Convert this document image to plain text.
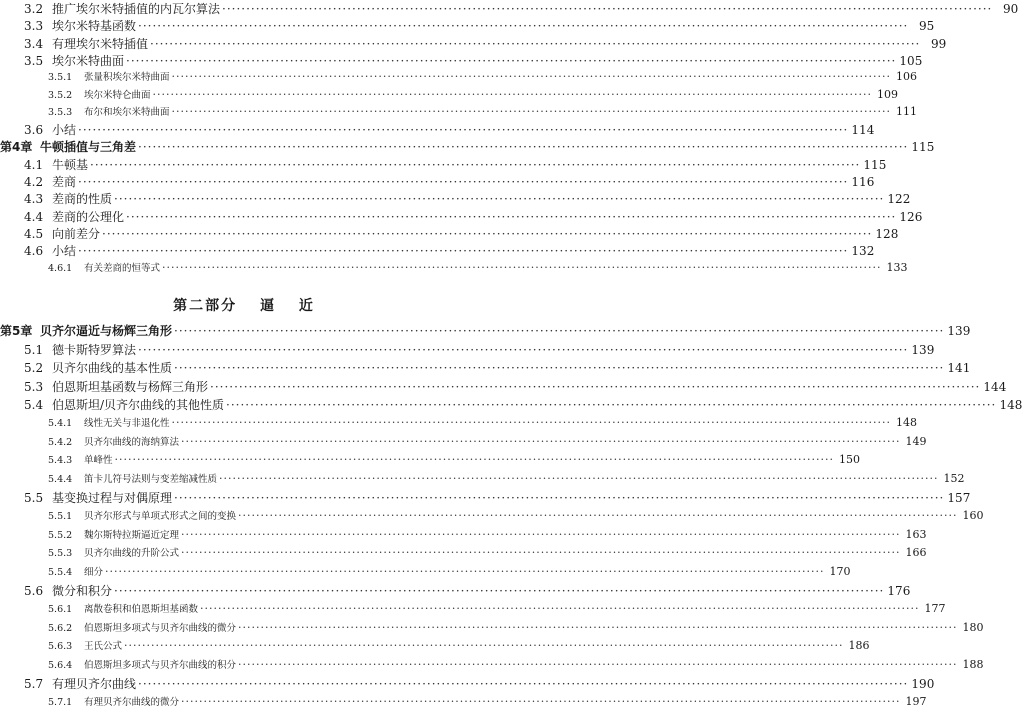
3.2 推广埃尔米特插值的内瓦尔算法 ································································································································································ 90
3.3 埃尔米特基函数 ································································································································································ 95
3.4 有理埃尔米特插值 ································································································································································ 99
3.5 埃尔米特曲面 ································································································································································ 105
3.5.1	张量积埃尔米特曲面 ································································································································································ 106
3.5.2	埃尔米特仑曲面 ································································································································································ 109
3.5.3	布尔和埃尔米特曲面 ································································································································································ 111
3.6 小结 ································································································································································ 114
第4章 牛顿插值与三角差 ································································································································································ 115
4.1 牛顿基 ································································································································································ 115
4.2 差商 ································································································································································ 116
4.3 差商的性质 ································································································································································ 122
4.4 差商的公理化 ································································································································································ 126
4.5 向前差分 ································································································································································ 128
4.6 小结 ································································································································································ 132
4.6.1	有关差商的恒等式 ································································································································································ 133
第二部分 逼 近
第5章 贝齐尔逼近与杨辉三角形 ································································································································································ 139
5.1 德卡斯特罗算法 ································································································································································ 139
5.2 贝齐尔曲线的基本性质 ································································································································································ 141
5.3 伯恩斯坦基函数与杨辉三角形 ································································································································································ 144
5.4 伯恩斯坦/贝齐尔曲线的其他性质 ································································································································································ 148
5.4.1	线性无关与非退化性 ································································································································································ 148
5.4.2	贝齐尔曲线的海纳算法 ································································································································································ 149
5.4.3	单峰性 ································································································································································ 150
5.4.4	笛卡儿符号法则与变差缩减性质 ································································································································································ 152
5.5 基变换过程与对偶原理 ································································································································································ 157
5.5.1	贝齐尔形式与单项式形式之间的变换 ································································································································································ 160
5.5.2	魏尔斯特拉斯逼近定理 ································································································································································ 163
5.5.3	贝齐尔曲线的升阶公式 ································································································································································ 166
5.5.4	细分 ································································································································································ 170
5.6 微分和积分 ································································································································································ 176
5.6.1	离散卷积和伯恩斯坦基函数 ································································································································································ 177
5.6.2	伯恩斯坦多项式与贝齐尔曲线的微分 ································································································································································ 180
5.6.3	王氏公式 ································································································································································ 186
5.6.4	伯恩斯坦多项式与贝齐尔曲线的积分 ································································································································································ 188
5.7 有理贝齐尔曲线 ································································································································································ 190
5.7.1	有理贝齐尔曲线的微分 ································································································································································ 197
